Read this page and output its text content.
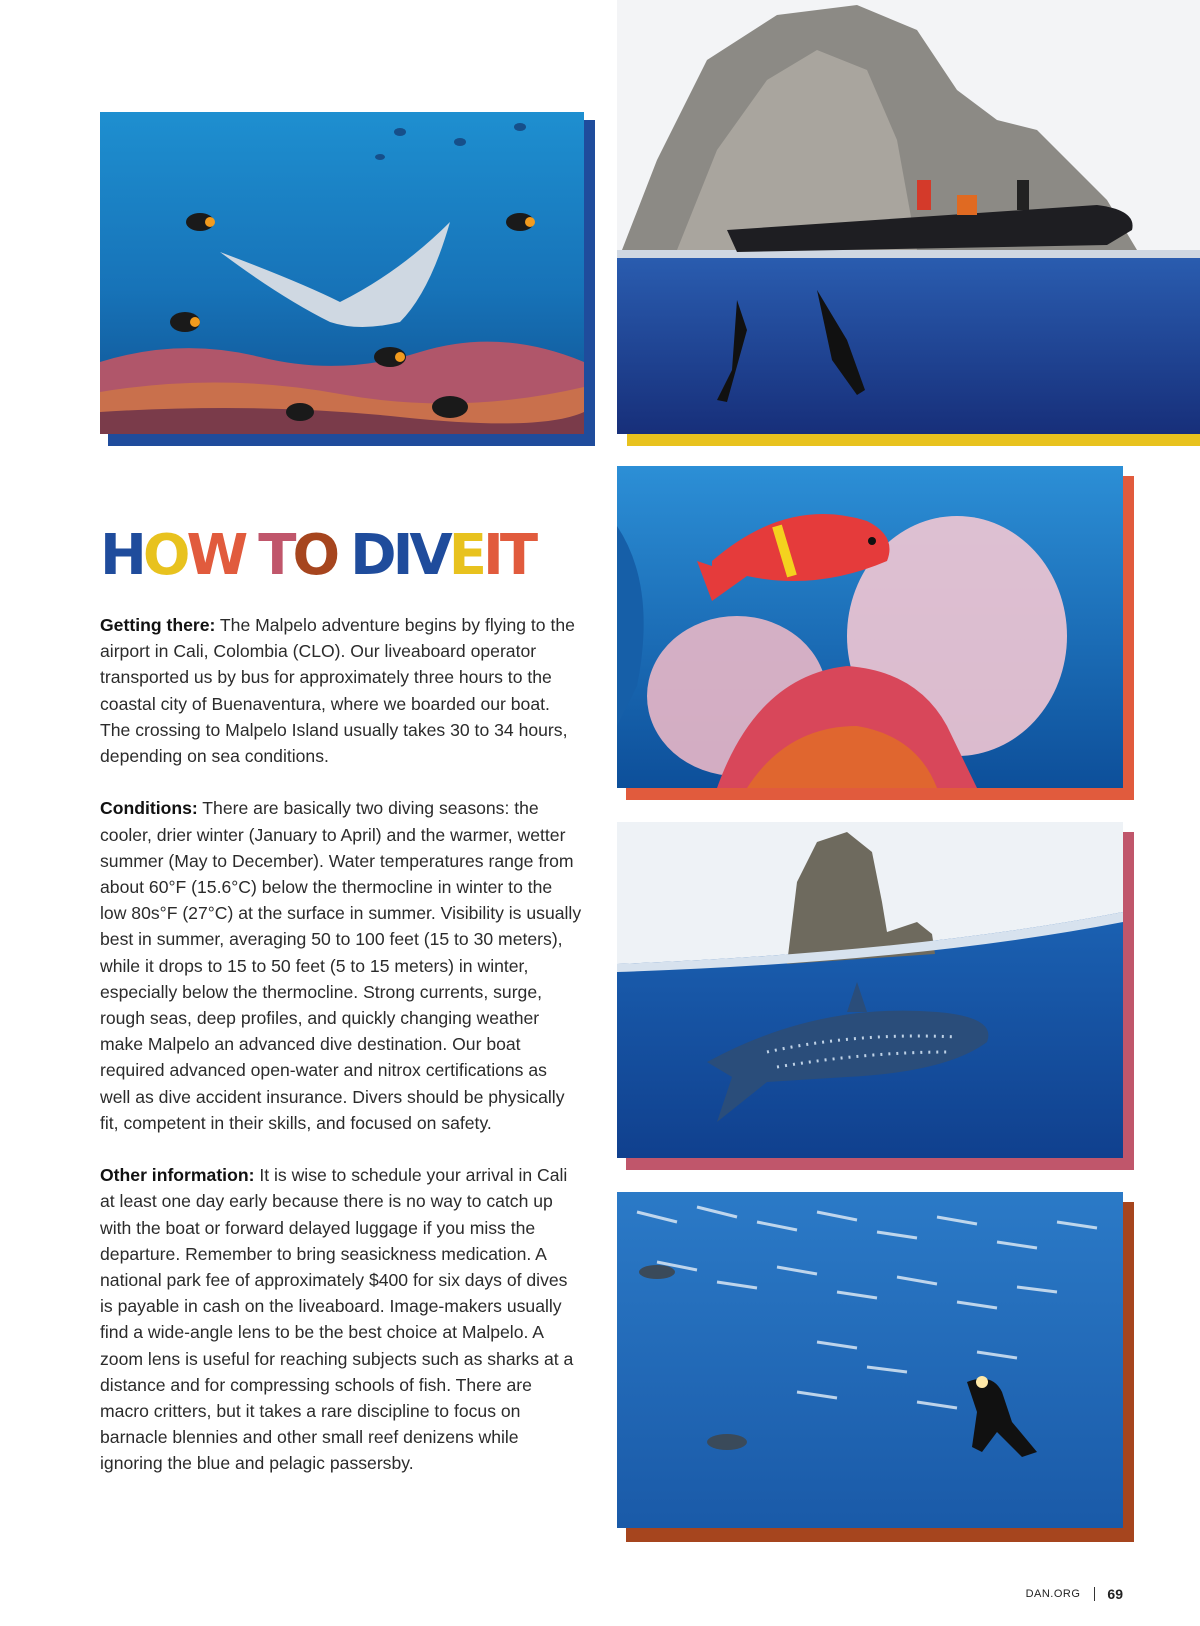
HOW TO DIVEIT

Getting there: The Malpelo adventure begins by flying to the airport in Cali, Colombia (CLO). Our liveaboard operator transported us by bus for approximately three hours to the coastal city of Buenaventura, where we boarded our boat. The crossing to Malpelo Island usually takes 30 to 34 hours, depending on sea conditions.

Conditions: There are basically two diving seasons: the cooler, drier winter (January to April) and the warmer, wetter summer (May to December). Water temperatures range from about 60°F (15.6°C) below the thermocline in winter to the low 80s°F (27°C) at the surface in summer. Visibility is usually best in summer, averaging 50 to 100 feet (15 to 30 meters), while it drops to 15 to 50 feet (5 to 15 meters) in winter, especially below the thermocline. Strong currents, surge, rough seas, deep profiles, and quickly changing weather make Malpelo an advanced dive destination. Our boat required advanced open-water and nitrox certifications as well as dive accident insurance. Divers should be physically fit, competent in their skills, and focused on safety.

Other information: It is wise to schedule your arrival in Cali at least one day early because there is no way to catch up with the boat or forward delayed luggage if you miss the departure. Remember to bring seasickness medication. A national park fee of approximately $400 for six days of dives is payable in cash on the liveaboard. Image-makers usually find a wide-angle lens to be the best choice at Malpelo. A zoom lens is useful for reaching subjects such as sharks at a distance and for compressing schools of fish. There are macro critters, but it takes a rare discipline to focus on barnacle blennies and other small reef denizens while ignoring the blue and pelagic passersby.

DAN.ORG 69
